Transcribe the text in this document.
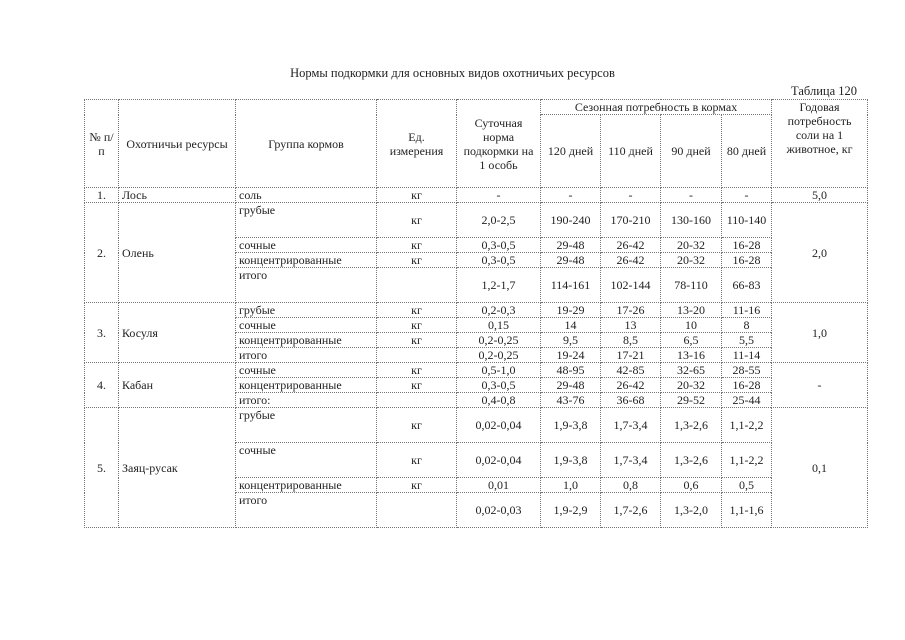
Нормы подкормки для основных видов охотничьих ресурсов
Таблица 120
№ п/п	Охотничьи ресурсы	Группа кормов	Ед. измерения	Суточная норма подкормки на 1 особь	Сезонная потребность в кормах				Годовая потребность соли на 1 животное, кг
					120 дней	110 дней	90 дней	80 дней	
1.	Лось	соль	кг	-	-	-	-	-	5,0
2.	Олень	грубые	кг	2,0-2,5	190-240	170-210	130-160	110-140	2,0
		сочные	кг	0,3-0,5	29-48	26-42	20-32	16-28	
		концентрированные	кг	0,3-0,5	29-48	26-42	20-32	16-28	
		итого		1,2-1,7	114-161	102-144	78-110	66-83	
3.	Косуля	грубые	кг	0,2-0,3	19-29	17-26	13-20	11-16	1,0
		сочные	кг	0,15	14	13	10	8	
		концентрированные	кг	0,2-0,25	9,5	8,5	6,5	5,5	
		итого		0,2-0,25	19-24	17-21	13-16	11-14	
4.	Кабан	сочные	кг	0,5-1,0	48-95	42-85	32-65	28-55	-
		концентрированные	кг	0,3-0,5	29-48	26-42	20-32	16-28	
		итого:		0,4-0,8	43-76	36-68	29-52	25-44	
5.	Заяц-русак	грубые	кг	0,02-0,04	1,9-3,8	1,7-3,4	1,3-2,6	1,1-2,2	0,1
		сочные	кг	0,02-0,04	1,9-3,8	1,7-3,4	1,3-2,6	1,1-2,2	
		концентрированные	кг	0,01	1,0	0,8	0,6	0,5	
		итого		0,02-0,03	1,9-2,9	1,7-2,6	1,3-2,0	1,1-1,6	
